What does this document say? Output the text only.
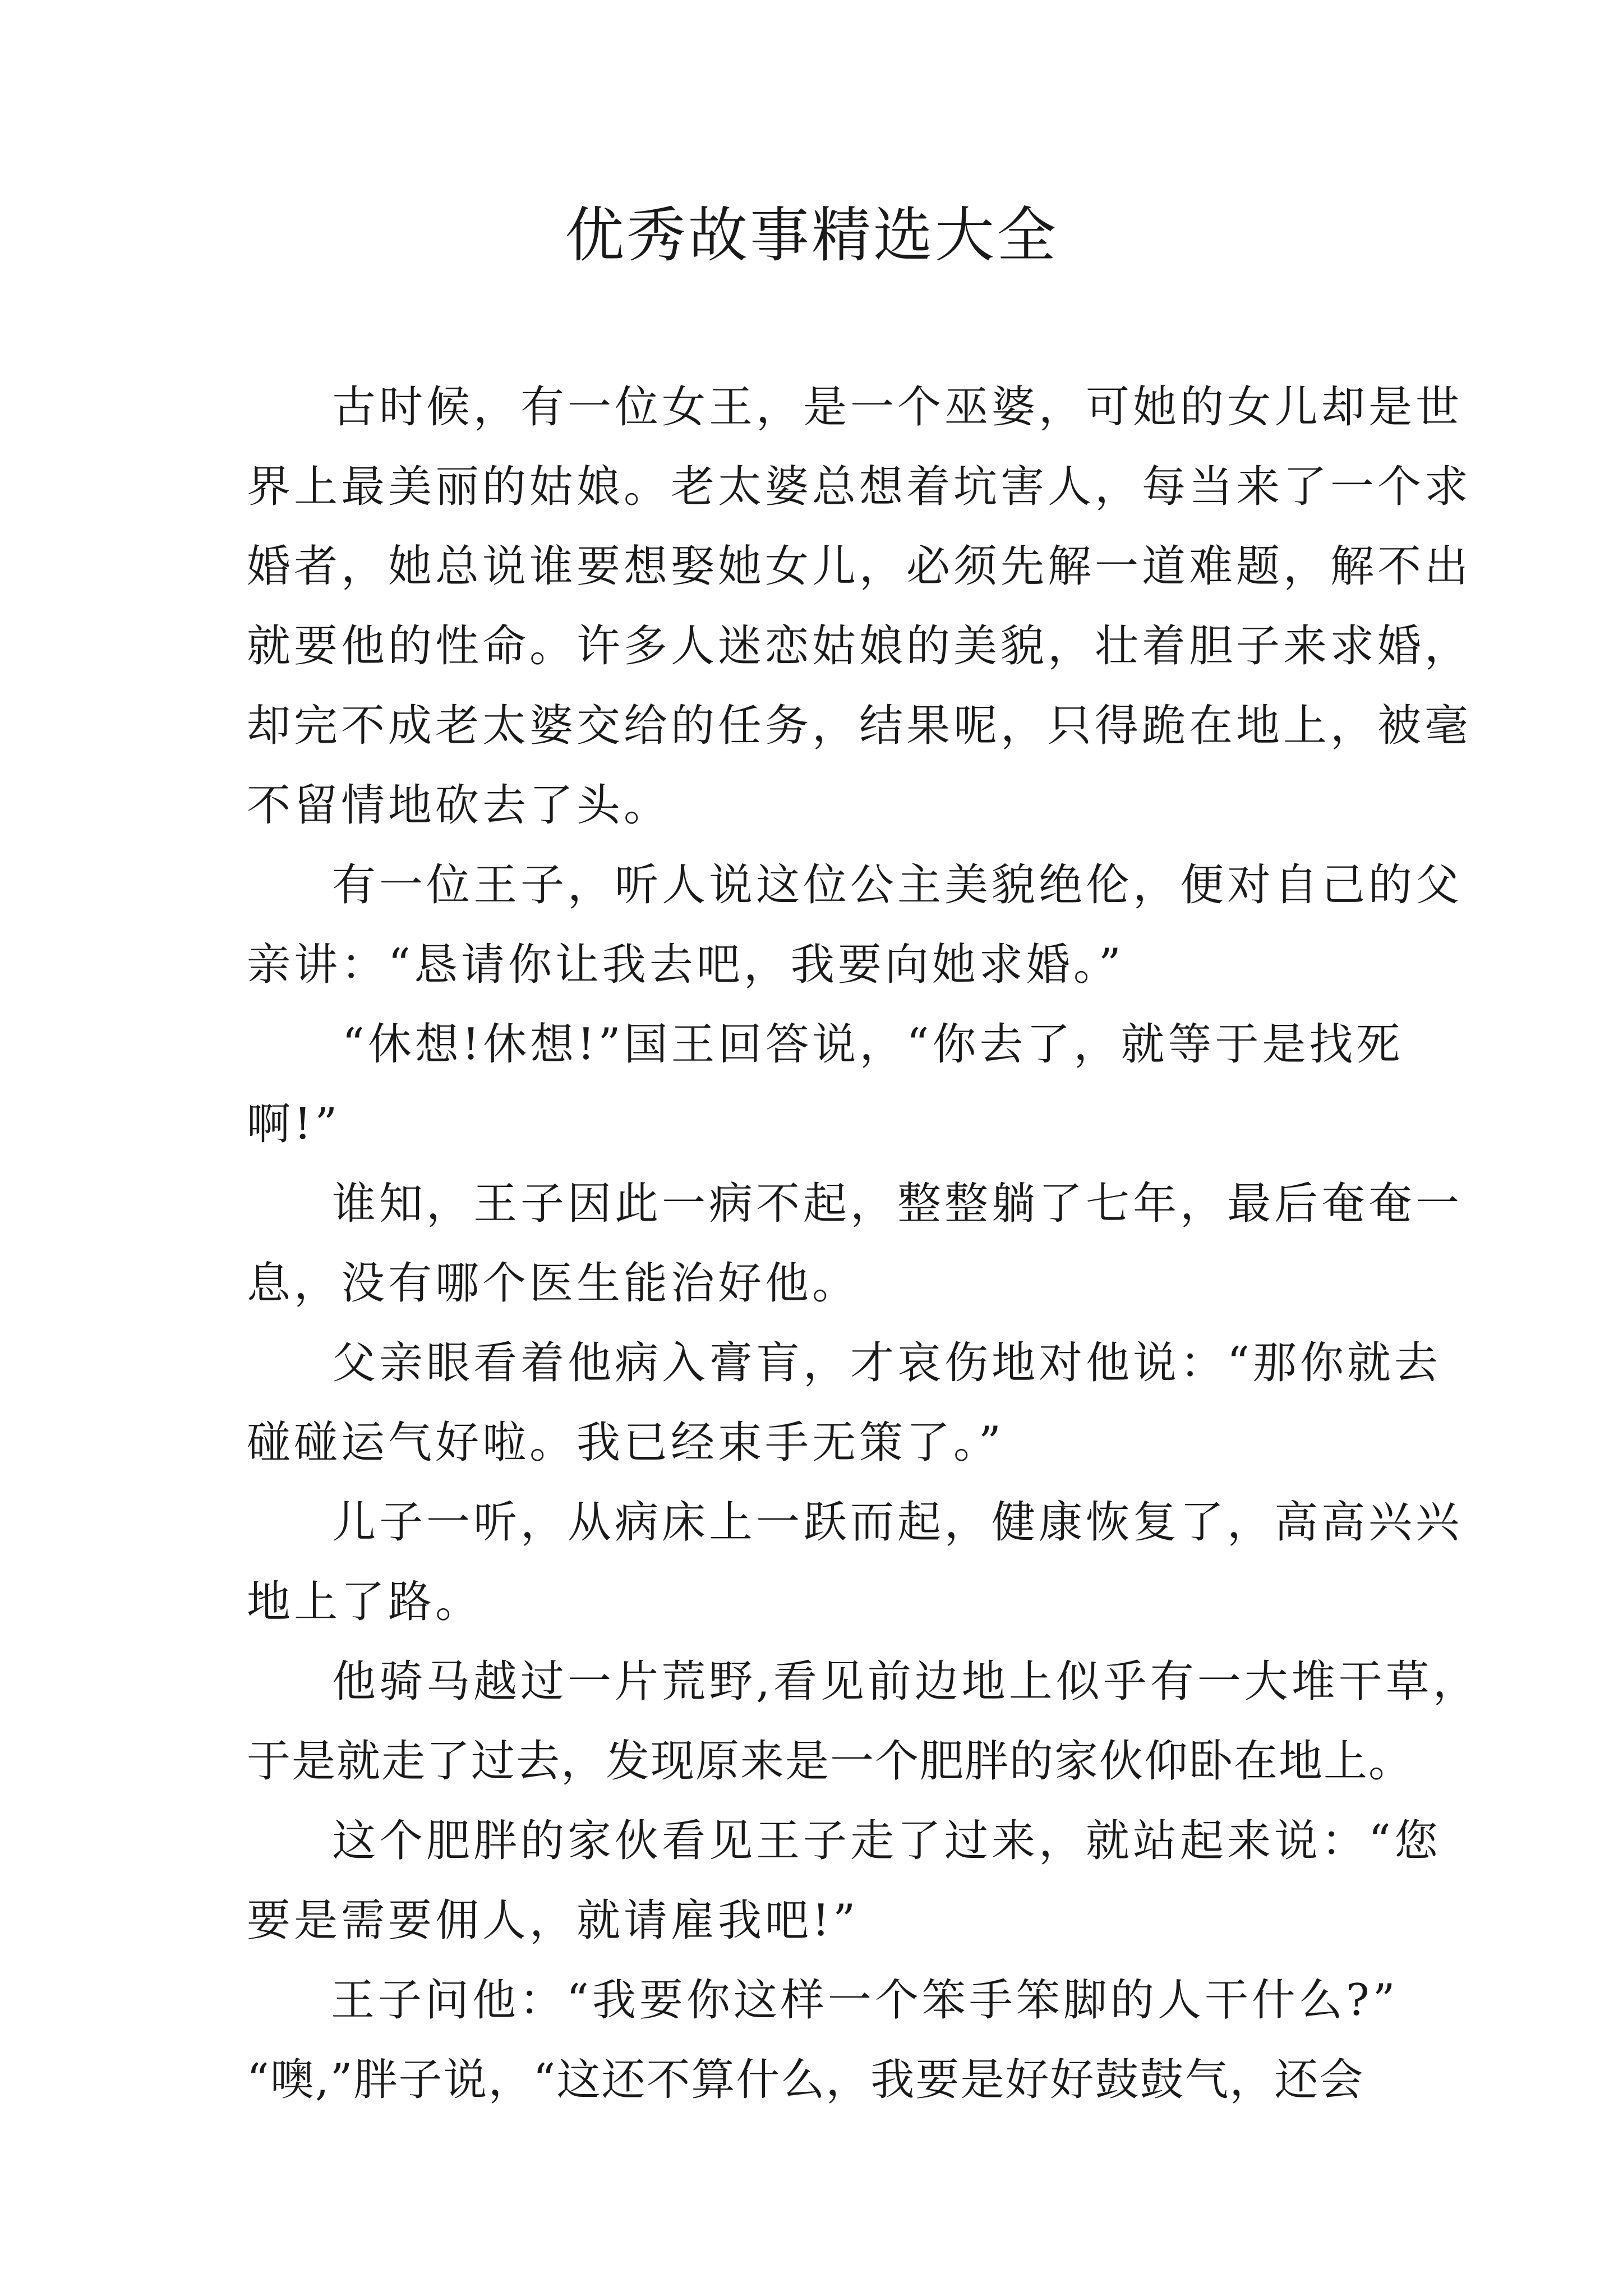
优秀故事精选大全
古时候，有一位女王，是一个巫婆，可她的女儿却是世
界上最美丽的姑娘。老太婆总想着坑害人，每当来了一个求
婚者，她总说谁要想娶她女儿，必须先解一道难题，解不出
就要他的性命。许多人迷恋姑娘的美貌，壮着胆子来求婚，
却完不成老太婆交给的任务，结果呢，只得跪在地上，被毫
不留情地砍去了头。
有一位王子，听人说这位公主美貌绝伦，便对自己的父
亲讲：“恳请你让我去吧，我要向她求婚。”
“休想!休想!”国王回答说，“你去了，就等于是找死
啊!”
谁知，王子因此一病不起，整整躺了七年，最后奄奄一
息，没有哪个医生能治好他。
父亲眼看着他病入膏肓，才哀伤地对他说：“那你就去
碰碰运气好啦。我已经束手无策了。”
儿子一听，从病床上一跃而起，健康恢复了，高高兴兴
地上了路。
他骑马越过一片荒野,看见前边地上似乎有一大堆干草，
于是就走了过去，发现原来是一个肥胖的家伙仰卧在地上。
这个肥胖的家伙看见王子走了过来，就站起来说：“您
要是需要佣人，就请雇我吧!”
王子问他：“我要你这样一个笨手笨脚的人干什么?”
“噢,”胖子说，“这还不算什么，我要是好好鼓鼓气，还会
